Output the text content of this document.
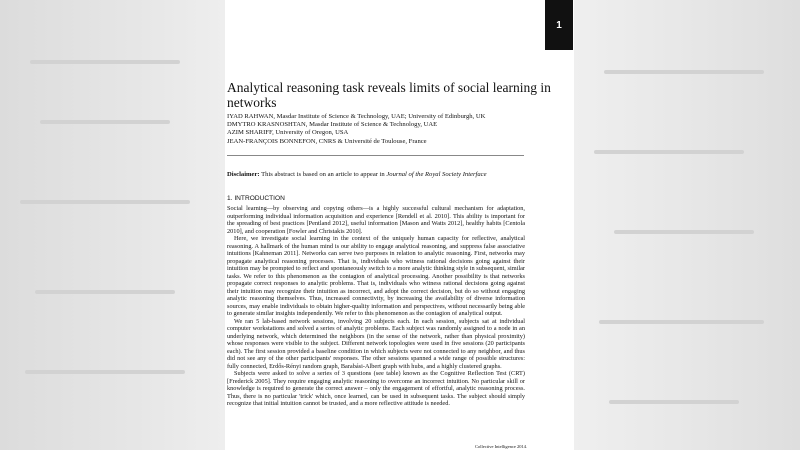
Analytical reasoning task reveals limits of social learning in networks
IYAD RAHWAN, Masdar Institute of Science & Technology, UAE; University of Edinburgh, UK
DMYTRO KRASNOSHTAN, Masdar Institute of Science & Technology, UAE
AZIM SHARIFF, University of Oregon, USA
JEAN-FRANÇOIS BONNEFON, CNRS & Université de Toulouse, France
Disclaimer: This abstract is based on an article to appear in Journal of the Royal Society Interface
1. INTRODUCTION

Social learning—by observing and copying others—is a highly successful cultural mechanism for adaptation, outperforming individual information acquisition and experience [Rendell et al. 2010]. This ability is important for the spreading of best practices [Pentland 2012], useful information [Mason and Watts 2012], healthy habits [Centola 2010], and cooperation [Fowler and Christakis 2010].

Here, we investigate social learning in the context of the uniquely human capacity for reflective, analytical reasoning. A hallmark of the human mind is our ability to engage analytical reasoning, and suppress false associative intuitions [Kahneman 2011]. Networks can serve two purposes in relation to analytic reasoning. First, networks may propagate analytical reasoning processes. That is, individuals who witness rational decisions going against their intuition may be prompted to reflect and spontaneously switch to a more analytic thinking style in subsequent, similar tasks. We refer to this phenomenon as the contagion of analytical processing. Another possibility is that networks propagate correct responses to analytic problems. That is, individuals who witness rational decisions going against their intuition may recognize their intuition as incorrect, and adopt the correct decision, but do so without engaging analytic reasoning themselves. Thus, increased connectivity, by increasing the availability of diverse information sources, may enable individuals to obtain higher-quality information and perspectives, without necessarily being able to generate similar insights independently. We refer to this phenomenon as the contagion of analytical output.

We ran 5 lab-based network sessions, involving 20 subjects each. In each session, subjects sat at individual computer workstations and solved a series of analytic problems. Each subject was randomly assigned to a node in an underlying network, which determined the neighbors (in the sense of the network, rather than physical proximity) whose responses were visible to the subject. Different network topologies were used in five sessions (20 participants each). The first session provided a baseline condition in which subjects were not connected to any neighbor, and thus did not see any of the other participants' responses. The other sessions spanned a wide range of possible structures: fully connected, Erdős-Rényi random graph, Barabási-Albert graph with hubs, and a highly clustered graphs.

Subjects were asked to solve a series of 3 questions (see table) known as the Cognitive Reflection Test (CRT) [Frederick 2005]. They require engaging analytic reasoning to overcome an incorrect intuition. No particular skill or knowledge is required to generate the correct answer – only the engagement of effortful, analytic reasoning process. Thus, there is no particular 'trick' which, once learned, can be used in subsequent tasks. The subject should simply recognize that initial intuition cannot be trusted, and a more reflective attitude is needed.

Collective Intelligence 2014.
1
